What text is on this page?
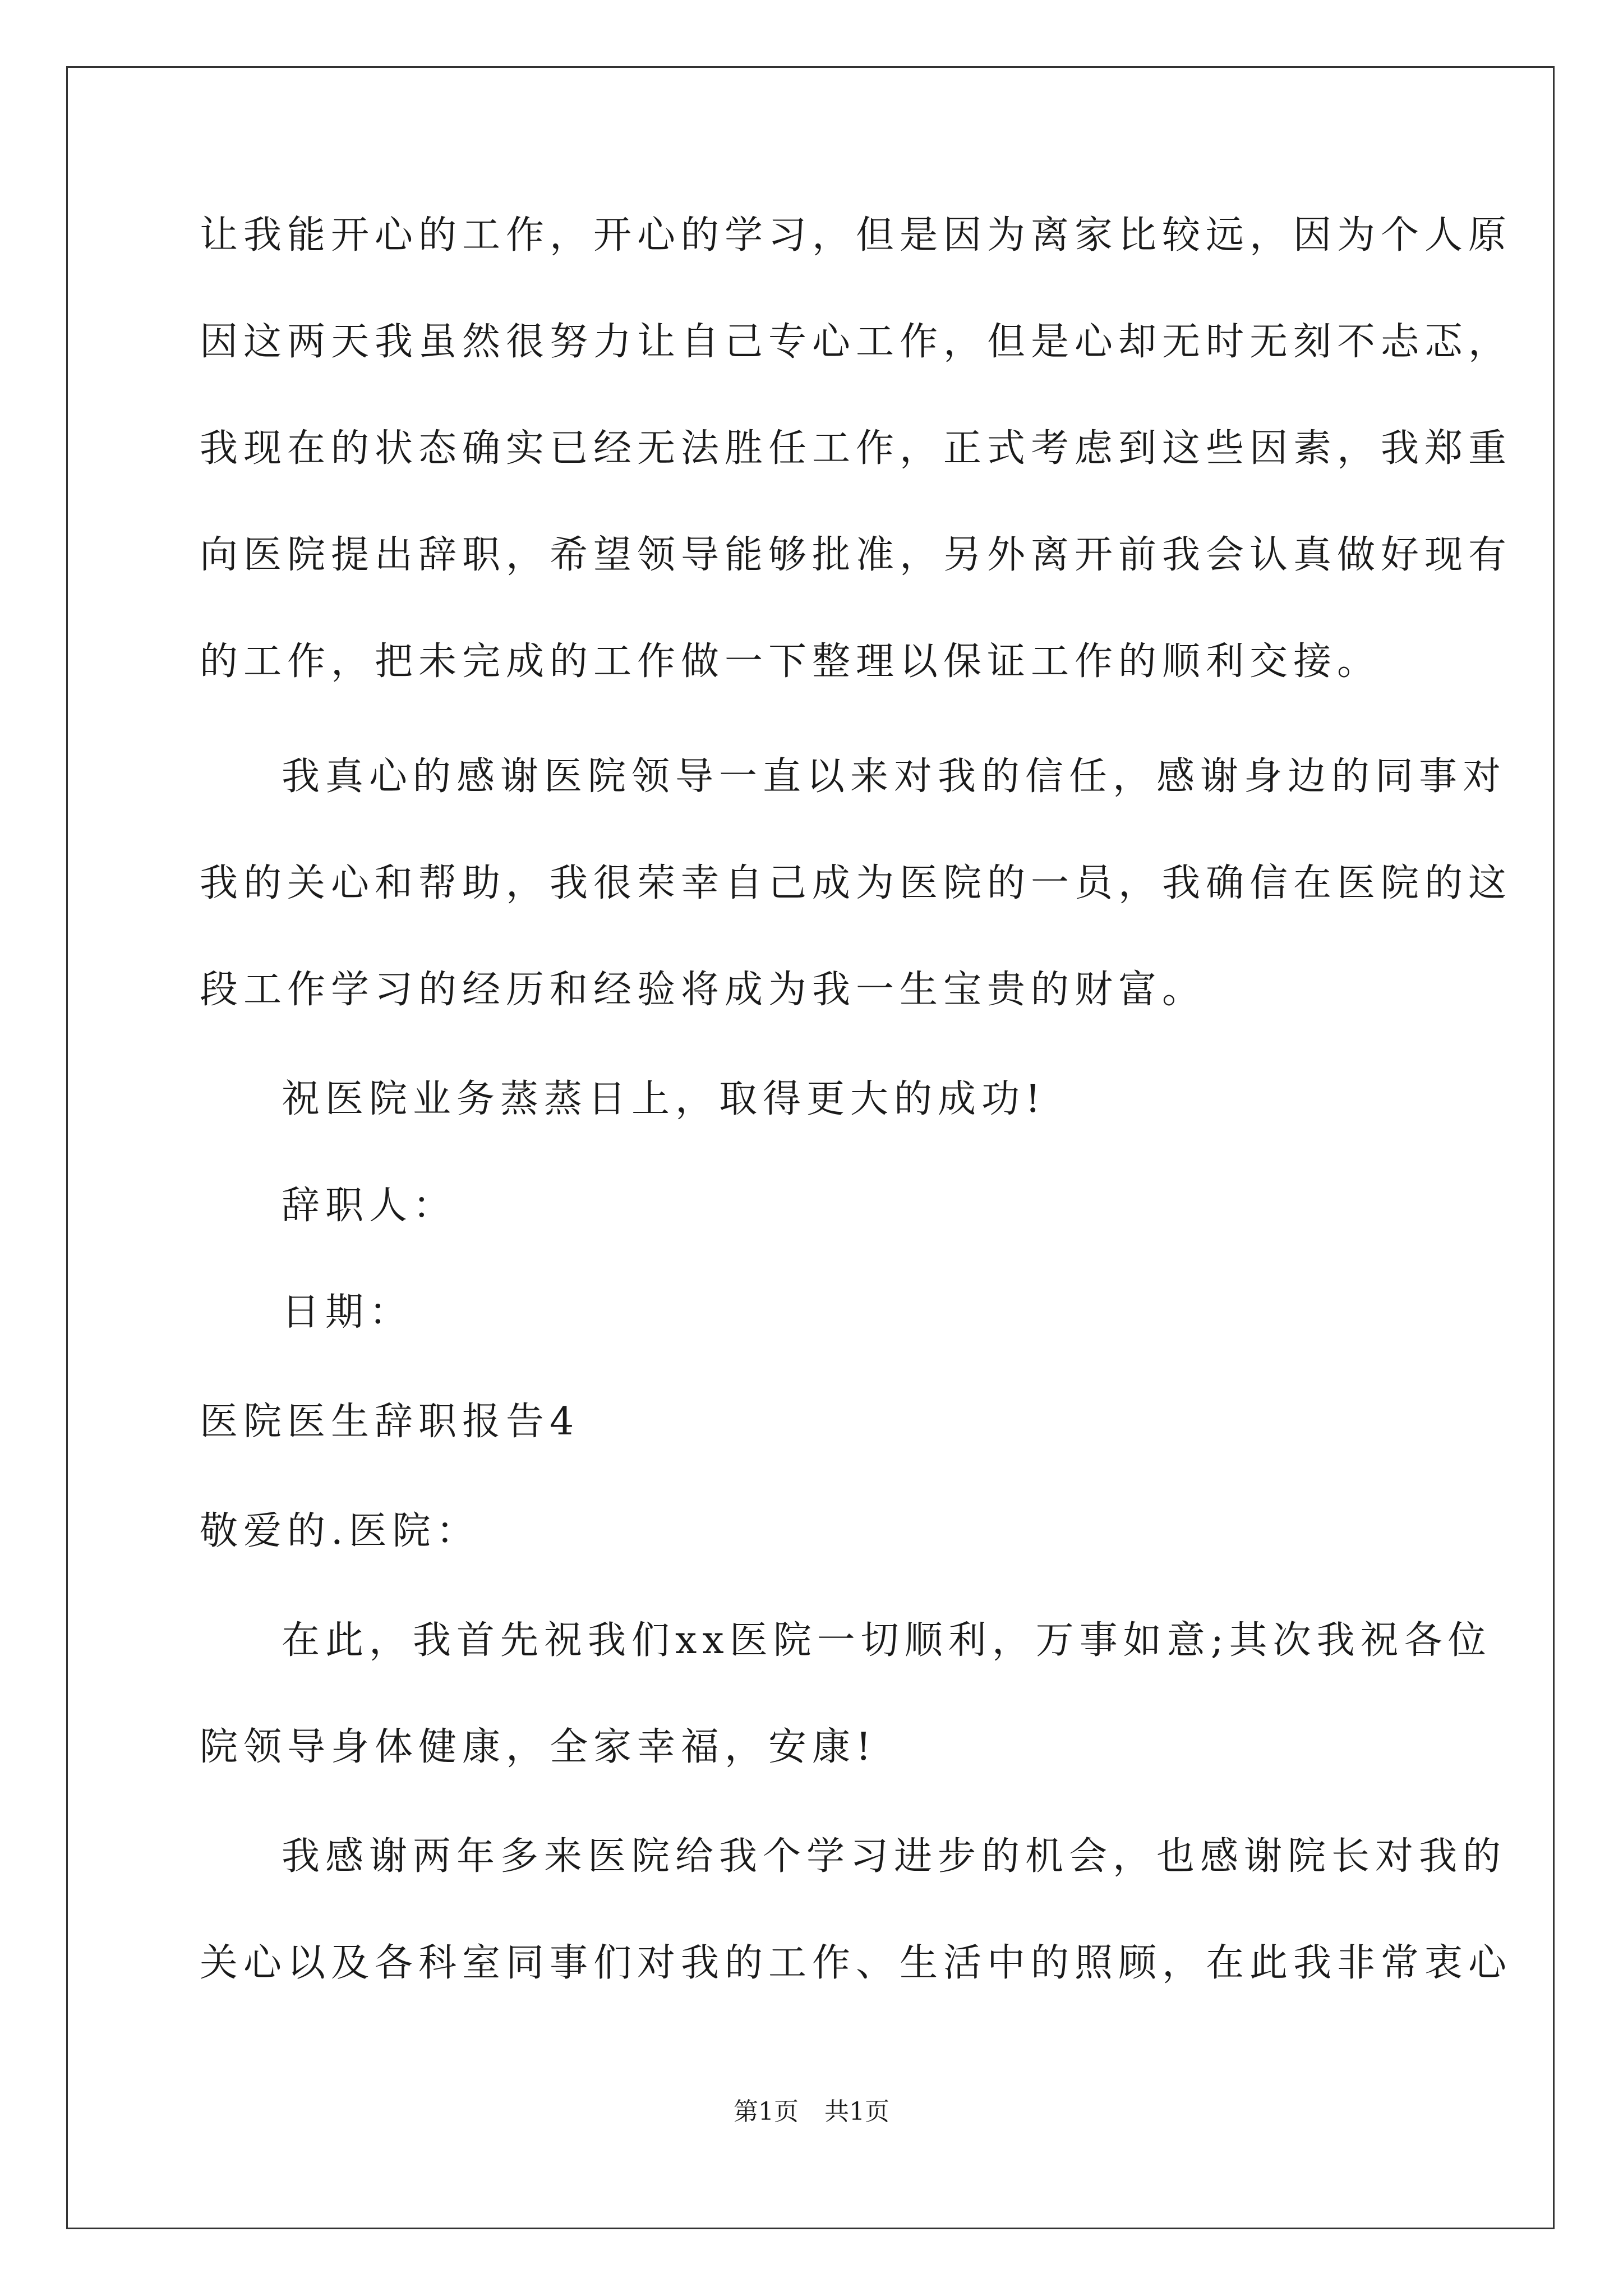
让我能开心的工作，开心的学习，但是因为离家比较远，因为个人原
因这两天我虽然很努力让自己专心工作，但是心却无时无刻不忐忑，
我现在的状态确实已经无法胜任工作，正式考虑到这些因素，我郑重
向医院提出辞职，希望领导能够批准，另外离开前我会认真做好现有
的工作，把未完成的工作做一下整理以保证工作的顺利交接。
我真心的感谢医院领导一直以来对我的信任，感谢身边的同事对
我的关心和帮助，我很荣幸自己成为医院的一员，我确信在医院的这
段工作学习的经历和经验将成为我一生宝贵的财富。
祝医院业务蒸蒸日上，取得更大的成功!
辞职人：
日期：
医院医生辞职报告4
敬爱的.医院：
在此，我首先祝我们xx医院一切顺利，万事如意;其次我祝各位
院领导身体健康，全家幸福，安康!
我感谢两年多来医院给我个学习进步的机会，也感谢院长对我的
关心以及各科室同事们对我的工作、生活中的照顾，在此我非常衷心
第1页 共1页
